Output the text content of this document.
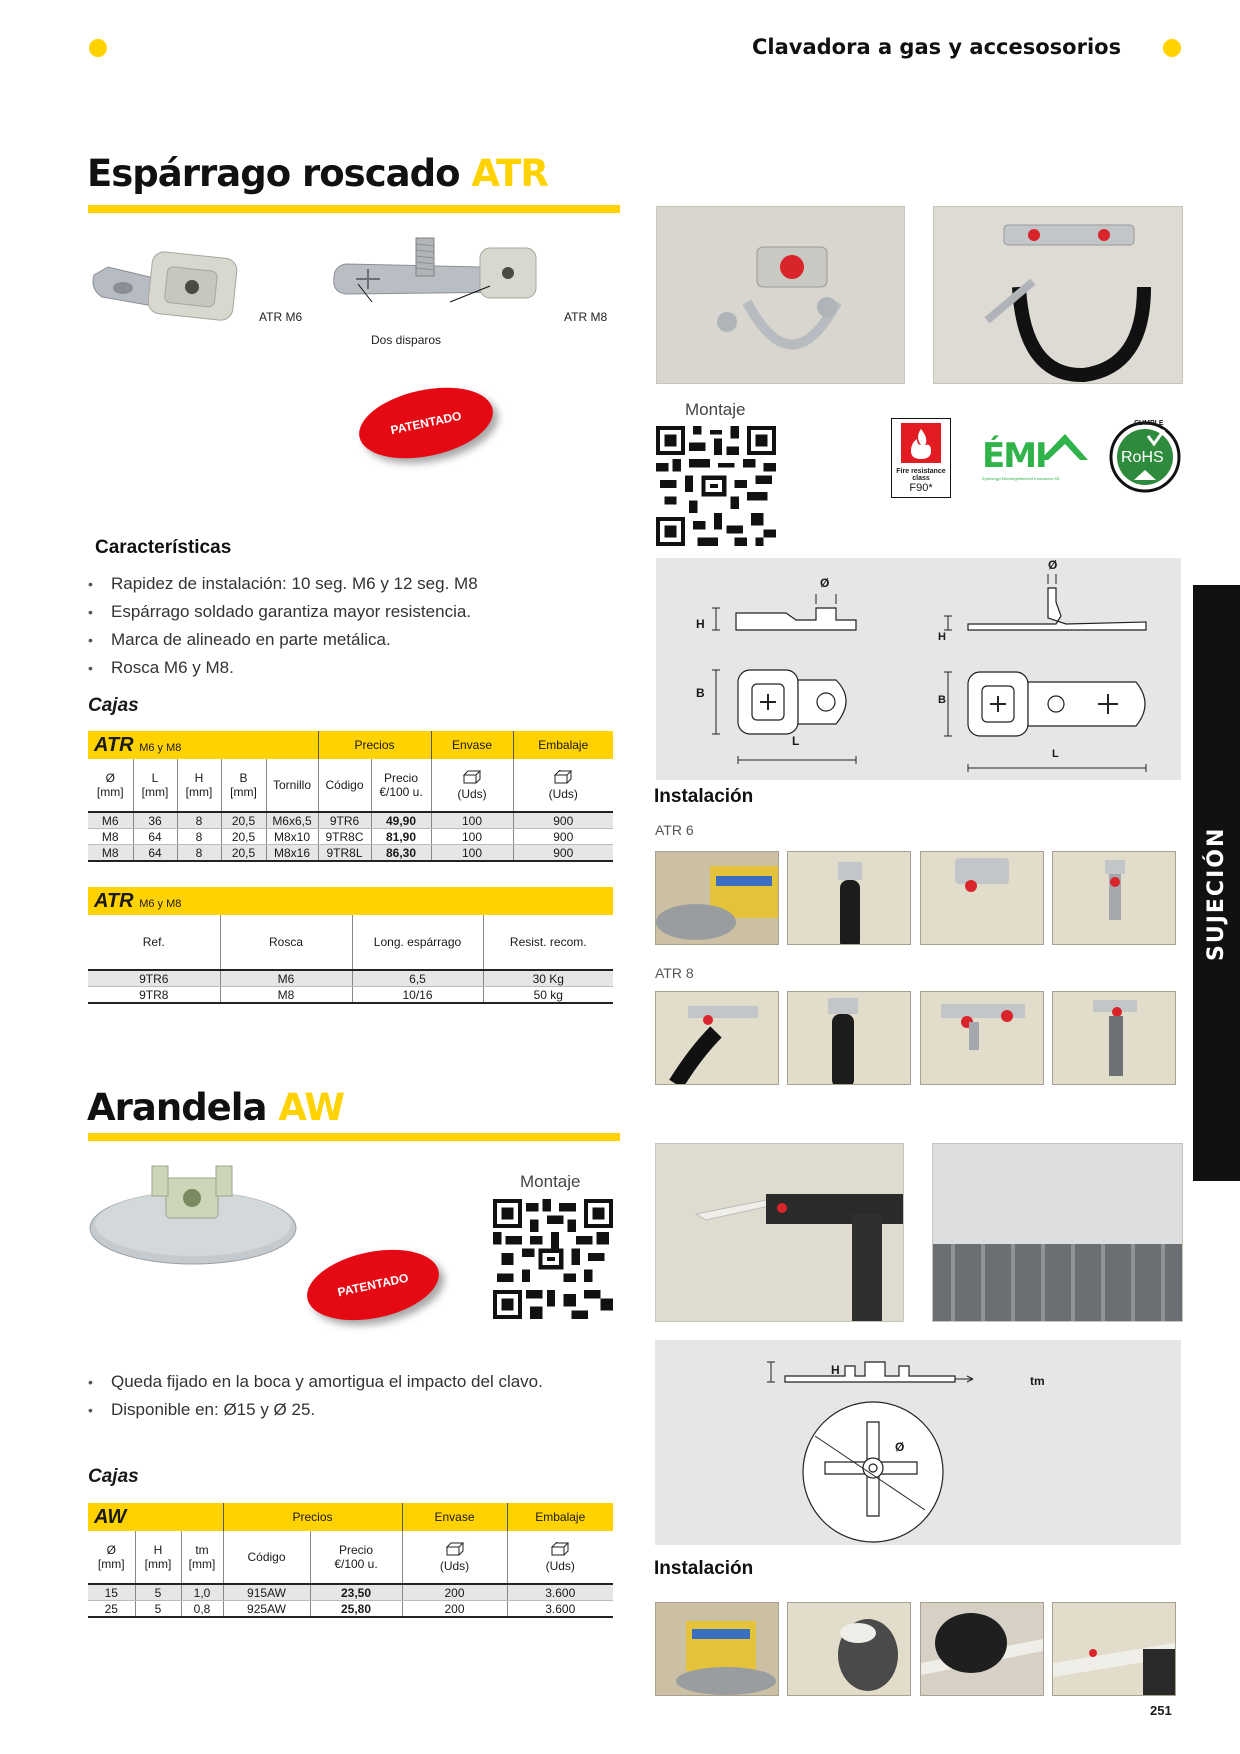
Clavadora a gas y accesosorios
Espárrago roscado ATR
ATR M6	ATR M8
Dos disparos
PATENTADO	Montaje
Fire resistance
class
F90*
ÉMI
Építésügyi Minőségellenőrző Innovációs Kft.
CUMPLE
RoHS
Características
• Rapidez de instalación: 10 seg. M6 y 12 seg. M8
• Espárrago soldado garantiza mayor resistencia.
• Marca de alineado en parte metálica.
• Rosca M6 y M8.
Cajas
ATR M6 y M8					Precios		Envase	Embalaje
Ø
[mm]	L
[mm]	H
[mm]	B
[mm]	Tornillo	Código	Precio
€/100 u.	(Uds)	(Uds)
M6	36	8	20,5	M6x6,5	9TR6	49,90	100	900
M8	64	8	20,5	M8x10	9TR8C	81,90	100	900
M8	64	8	20,5	M8x16	9TR8L	86,30	100	900
ATR M6 y M8			
Ref.	Rosca	Long. espárrago	Resist. recom.
9TR6	M6	6,5	30 Kg
9TR8	M8	10/16	50 kg
Ø
H
B
L
Ø
H
B
L
Instalación
ATR 6
ATR 8
SUJECIÓN
Arandela AW
PATENTADO
Montaje
• Queda fijado en la boca y amortigua el impacto del clavo.
• Disponible en: Ø15 y Ø 25.
Cajas
AW			Precios		Envase	Embalaje
Ø
[mm]	H
[mm]	tm
[mm]	Código	Precio
€/100 u.	(Uds)	(Uds)
15	5	1,0	915AW	23,50	200	3.600
25	5	0,8	925AW	25,80	200	3.600
H
tm
Ø
Instalación
251
